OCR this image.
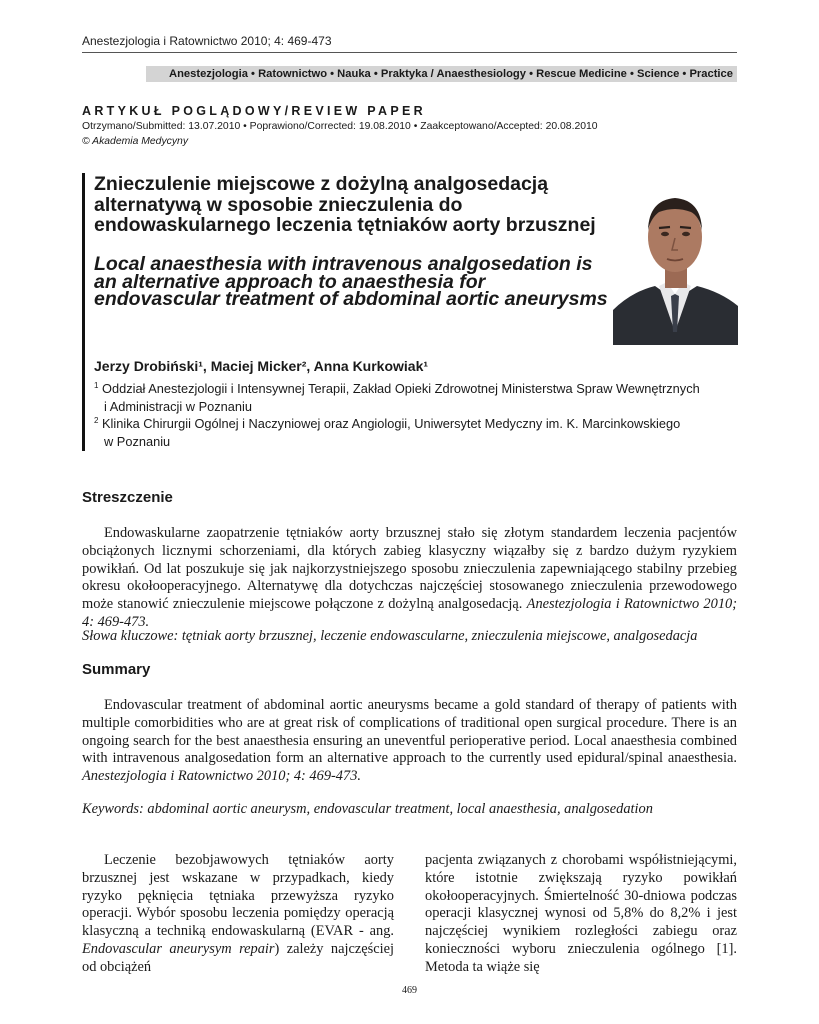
Anestezjologia i Ratownictwo 2010; 4: 469-473
Anestezjologia • Ratownictwo • Nauka • Praktyka / Anaesthesiology • Rescue Medicine • Science • Practice
ARTYKUŁ POGLĄDOWY/REVIEW PAPER
Otrzymano/Submitted: 13.07.2010 • Poprawiono/Corrected: 19.08.2010 • Zaakceptowano/Accepted: 20.08.2010
© Akademia Medycyny
Znieczulenie miejscowe z dożylną analgosedacją alternatywą w sposobie znieczulenia do endowaskularnego leczenia tętniaków aorty brzusznej
Local anaesthesia with intravenous analgosedation is an alternative approach to anaesthesia for endovascular treatment of abdominal aortic aneurysms
Jerzy Drobiński¹, Maciej Micker², Anna Kurkowiak¹
$^1$ Oddział Anestezjologii i Intensywnej Terapii, Zakład Opieki Zdrowotnej Ministerstwa Spraw Wewnętrznych
i Administracji w Poznaniu
$^2$ Klinika Chirurgii Ogólnej i Naczyniowej oraz Angiologii, Uniwersytet Medyczny im. K. Marcinkowskiego
w Poznaniu
Streszczenie

Endowaskularne zaopatrzenie tętniaków aorty brzusznej stało się złotym standardem leczenia pacjentów obciążonych licznymi schorzeniami, dla których zabieg klasyczny wiązałby się z bardzo dużym ryzykiem powikłań. Od lat poszukuje się jak najkorzystniejszego sposobu znieczulenia zapewniającego stabilny przebieg okresu okołooperacyjnego. Alternatywę dla dotychczas najczęściej stosowanego znieczulenia przewodowego może stanowić znieczulenie miejscowe połączone z dożylną analgosedacją. Anestezjologia i Ratownictwo 2010; 4: 469-473.

Słowa kluczowe: tętniak aorty brzusznej, leczenie endowascularne, znieczulenia miejscowe, analgosedacja

Summary

Endovascular treatment of abdominal aortic aneurysms became a gold standard of therapy of patients with multiple comorbidities who are at great risk of complications of traditional open surgical procedure. There is an ongoing search for the best anaesthesia ensuring an uneventful perioperative period. Local anaesthesia combined with intravenous analgosedation form an alternative approach to the currently used epidural/spinal anaesthesia. Anestezjologia i Ratownictwo 2010; 4: 469-473.

Keywords: abdominal aortic aneurysm, endovascular treatment, local anaesthesia, analgosedation

Leczenie bezobjawowych tętniaków aorty brzusznej jest wskazane w przypadkach, kiedy ryzyko pęknięcia tętniaka przewyższa ryzyko operacji. Wybór sposobu leczenia pomiędzy operacją klasyczną a techniką endowaskularną (EVAR - ang. Endovascular aneurysym repair) zależy najczęściej od obciążeń

pacjenta związanych z chorobami współistniejącymi, które istotnie zwiększają ryzyko powikłań okołooperacyjnych. Śmiertelność 30-dniowa podczas operacji klasycznej wynosi od 5,8% do 8,2% i jest najczęściej wynikiem rozległości zabiegu oraz konieczności wyboru znieczulenia ogólnego [1]. Metoda ta wiąże się

469
